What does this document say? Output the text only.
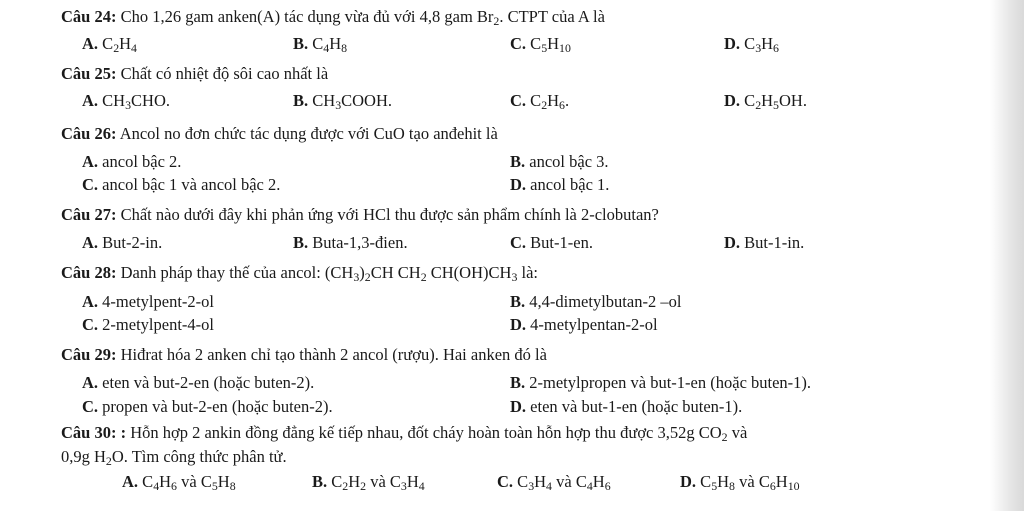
Câu 24: Cho 1,26 gam anken(A) tác dụng vừa đủ với 4,8 gam $Br_2$. CTPT của A là
A. $C_2H_4$	B. $C_4H_8$	C. $C_5H_{10}$	D. $C_3H_6$
Câu 25: Chất có nhiệt độ sôi cao nhất là
A. $CH_3CHO$.	B. $CH_3COOH$.	C. $C_2H_6$.	D. $C_2H_5OH$.
Câu 26: Ancol no đơn chức tác dụng được với CuO tạo anđehit là
A. ancol bậc 2.	B. ancol bậc 3.
C. ancol bậc 1 và ancol bậc 2.	D. ancol bậc 1.
Câu 27: Chất nào dưới đây khi phản ứng với HCl thu được sản phẩm chính là 2-clobutan?
A. But-2-in.	B. Buta-1,3-đien.	C. But-1-en.	D. But-1-in.
Câu 28: Danh pháp thay thế của ancol: $(CH_3)_2CH$ $CH_2$ $CH(OH)CH_3$ là:
A. 4-metylpent-2-ol	B. 4,4-dimetylbutan-2 –ol
C. 2-metylpent-4-ol	D. 4-metylpentan-2-ol
Câu 29: Hiđrat hóa 2 anken chỉ tạo thành 2 ancol (rượu). Hai anken đó là
A. eten và but-2-en (hoặc buten-2).	B. 2-metylpropen và but-1-en (hoặc buten-1).
C. propen và but-2-en (hoặc buten-2).	D. eten và but-1-en (hoặc buten-1).
Câu 30: : Hỗn hợp 2 ankin đồng đẳng kế tiếp nhau, đốt cháy hoàn toàn hỗn hợp thu được 3,52g $CO_2$ và
0,9g $H_2O$. Tìm công thức phân tử.
A. $C_4H_6$ và $C_5H_8$	B. $C_2H_2$ và $C_3H_4$	C. $C_3H_4$ và $C_4H_6$	D. $C_5H_8$ và $C_6H_{10}$
